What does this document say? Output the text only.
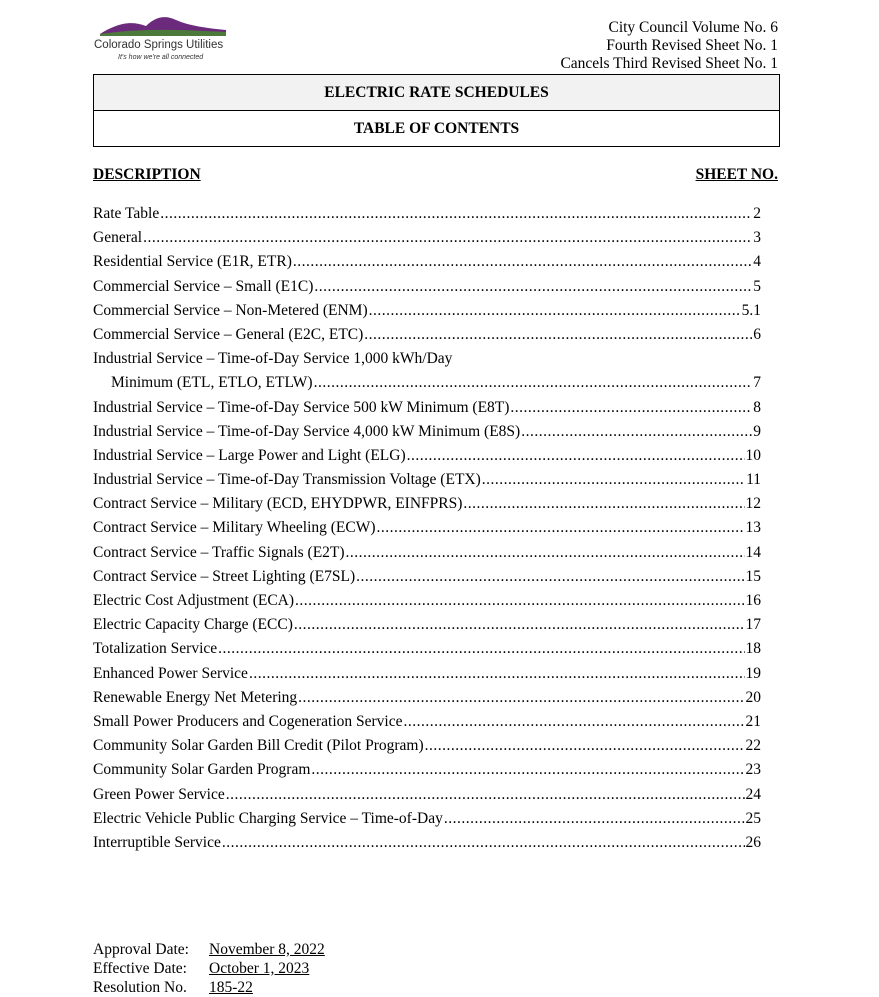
Colorado Springs Utilities
It's how we're all connected
City Council Volume No. 6
Fourth Revised Sheet No. 1
Cancels Third Revised Sheet No. 1
ELECTRIC RATE SCHEDULES
TABLE OF CONTENTS
DESCRIPTION	SHEET NO.
Rate Table .....	2
General .....	3
Residential Service (E1R, ETR) .....	4
Commercial Service – Small (E1C) .....	5
Commercial Service – Non-Metered (ENM) .....	5.1
Commercial Service – General (E2C, ETC) .....	6
Industrial Service – Time-of-Day Service 1,000 kWh/Day
Minimum (ETL, ETLO, ETLW) .....	7
Industrial Service – Time-of-Day Service 500 kW Minimum (E8T) .....	8
Industrial Service – Time-of-Day Service 4,000 kW Minimum (E8S) .....	9
Industrial Service – Large Power and Light (ELG) .....	10
Industrial Service – Time-of-Day Transmission Voltage (ETX) .....	11
Contract Service – Military (ECD, EHYDPWR, EINFPRS) .....	12
Contract Service – Military Wheeling (ECW) .....	13
Contract Service – Traffic Signals (E2T) .....	14
Contract Service – Street Lighting (E7SL) .....	15
Electric Cost Adjustment (ECA) .....	16
Electric Capacity Charge (ECC) .....	17
Totalization Service .....	18
Enhanced Power Service .....	19
Renewable Energy Net Metering .....	20
Small Power Producers and Cogeneration Service .....	21
Community Solar Garden Bill Credit (Pilot Program) .....	22
Community Solar Garden Program .....	23
Green Power Service .....	24
Electric Vehicle Public Charging Service – Time-of-Day .....	25
Interruptible Service .....	26
Approval Date:	November 8, 2022
Effective Date:	October 1, 2023
Resolution No.	185-22
